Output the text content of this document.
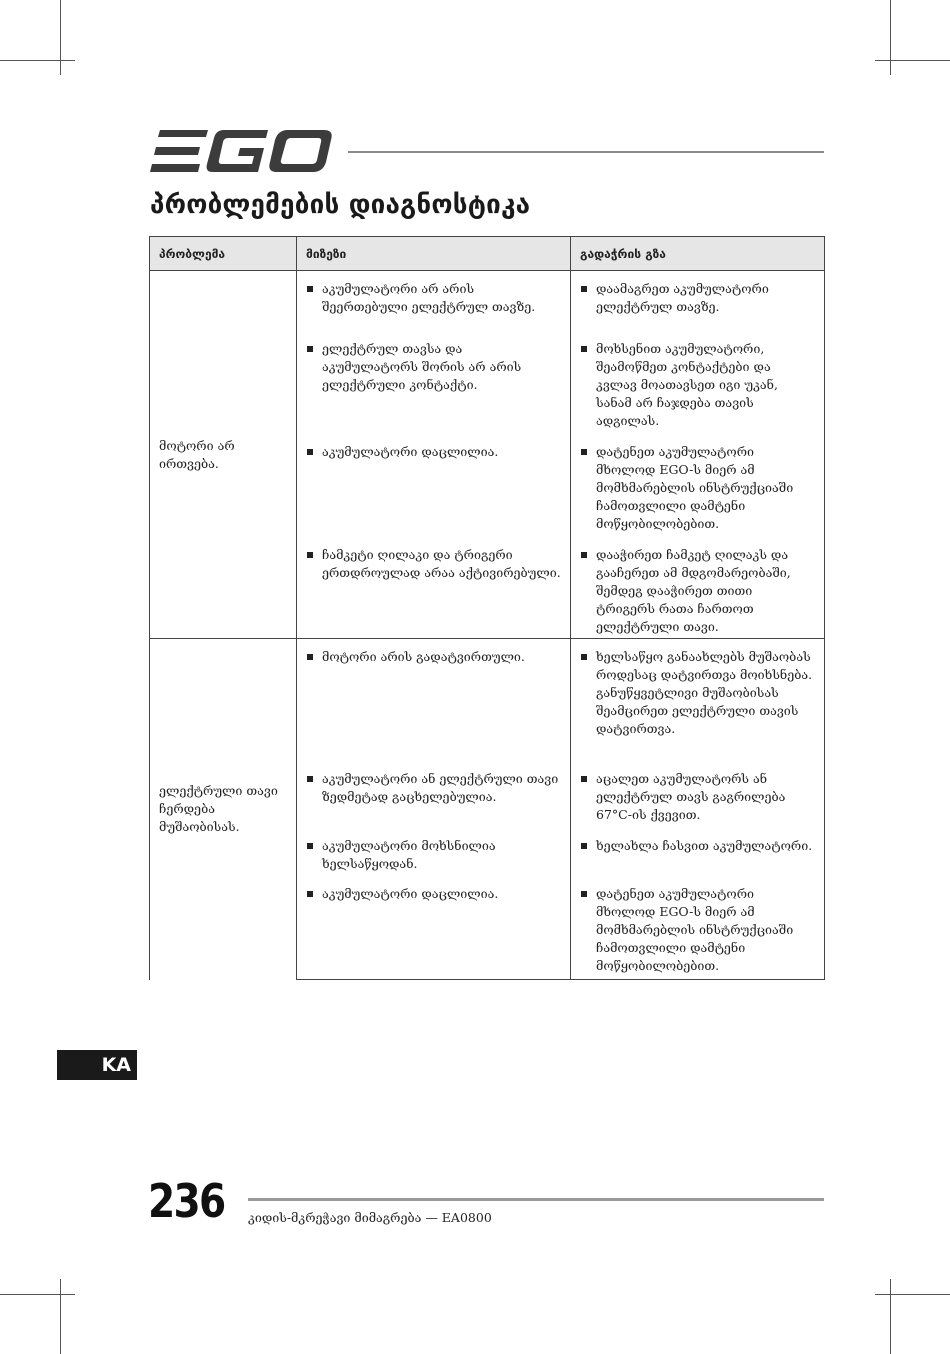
პრობლემების დიაგნოსტიკა
პრობლემა	მიზეზი	გადაჭრის გზა

მოტორი არ ირთვება.	აკუმულატორი არ არის შეერთებული ელექტრულ თავზე.	დაამაგრეთ აკუმულატორი ელექტრულ თავზე.

	ელექტრულ თავსა და აკუმულატორს შორის არ არის ელექტრული კონტაქტი.	მოხსენით აკუმულატორი, შეამოწმეთ კონტაქტები და კვლავ მოათავსეთ იგი უკან, სანამ არ ჩაჯდება თავის ადგილას.

	აკუმულატორი დაცლილია.	დატენეთ აკუმულატორი მხოლოდ EGO-ს მიერ ამ მომხმარებლის ინსტრუქციაში ჩამოთვლილი დამტენი მოწყობილობებით.

	ჩამკეტი ღილაკი და ტრიგერი ერთდროულად არაა აქტივირებული.	დააჭირეთ ჩამკეტ ღილაკს და გააჩერეთ ამ მდგომარეობაში, შემდეგ დააჭირეთ თითი ტრიგერს რათა ჩართოთ ელექტრული თავი.

ელექტრული თავი ჩერდება მუშაობისას.	მოტორი არის გადატვირთული.	ხელსაწყო განაახლებს მუშაობას როდესაც დატვირთვა მოიხსნება. განუწყვეტლივი მუშაობისას შეამცირეთ ელექტრული თავის დატვირთვა.

	აკუმულატორი ან ელექტრული თავი ზედმეტად გაცხელებულია.	აცალეთ აკუმულატორს ან ელექტრულ თავს გაგრილება 67°C-ის ქვევით.

	აკუმულატორი მოხსნილია ხელსაწყოდან.	ხელახლა ჩასვით აკუმულატორი.

	აკუმულატორი დაცლილია.	დატენეთ აკუმულატორი მხოლოდ EGO-ს მიერ ამ მომხმარებლის ინსტრუქციაში ჩამოთვლილი დამტენი მოწყობილობებით.
KA
236 კიდის-მკრეჭავი მიმაგრება — EA0800
